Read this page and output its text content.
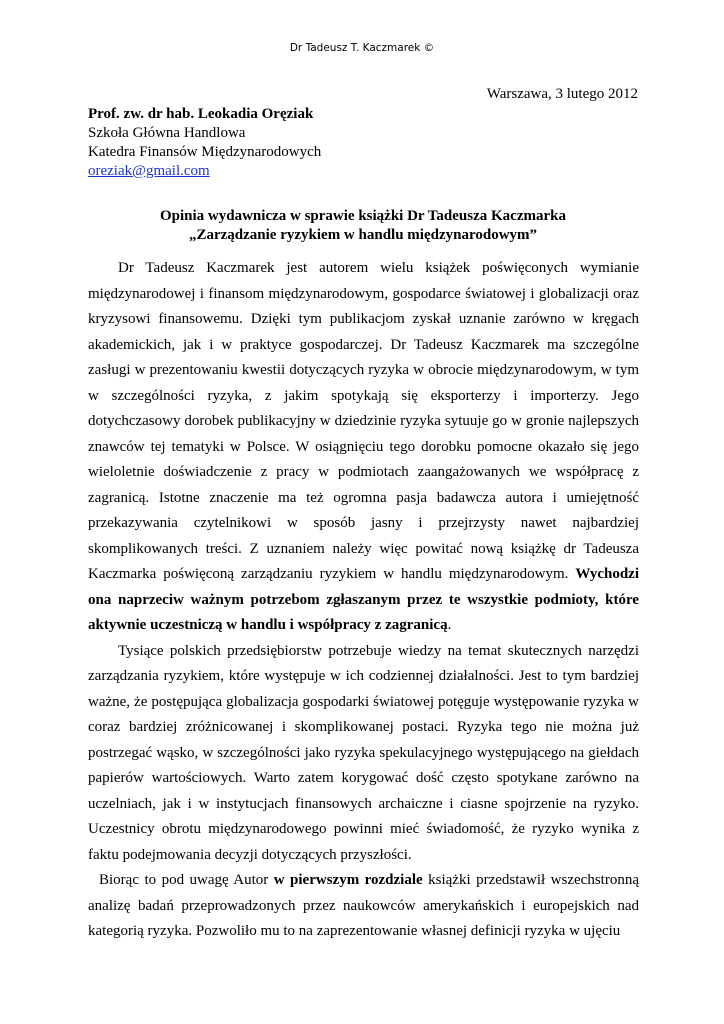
Dr Tadeusz T. Kaczmarek ©
Warszawa, 3 lutego 2012
Prof. zw. dr hab. Leokadia Oręziak
Szkoła Główna Handlowa
Katedra Finansów Międzynarodowych
oreziak@gmail.com
Opinia wydawnicza w sprawie książki Dr Tadeusza Kaczmarka
„Zarządzanie ryzykiem w handlu międzynarodowym”

Dr Tadeusz Kaczmarek jest autorem wielu książek poświęconych wymianie międzynarodowej i finansom międzynarodowym, gospodarce światowej i globalizacji oraz kryzysowi finansowemu. Dzięki tym publikacjom zyskał uznanie zarówno w kręgach akademickich, jak i w praktyce gospodarczej. Dr Tadeusz Kaczmarek ma szczególne zasługi w prezentowaniu kwestii dotyczących ryzyka w obrocie międzynarodowym, w tym w szczególności ryzyka, z jakim spotykają się eksporterzy i importerzy. Jego dotychczasowy dorobek publikacyjny w dziedzinie ryzyka sytuuje go w gronie najlepszych znawców tej tematyki w Polsce. W osiągnięciu tego dorobku pomocne okazało się jego wieloletnie doświadczenie z pracy w podmiotach zaangażowanych we współpracę z zagranicą. Istotne znaczenie ma też ogromna pasja badawcza autora i umiejętność przekazywania czytelnikowi w sposób jasny i przejrzysty nawet najbardziej skomplikowanych treści. Z uznaniem należy więc powitać nową książkę dr Tadeusza Kaczmarka poświęconą zarządzaniu ryzykiem w handlu międzynarodowym. Wychodzi ona naprzeciw ważnym potrzebom zgłaszanym przez te wszystkie podmioty, które aktywnie uczestniczą w handlu i współpracy z zagranicą.

Tysiące polskich przedsiębiorstw potrzebuje wiedzy na temat skutecznych narzędzi zarządzania ryzykiem, które występuje w ich codziennej działalności. Jest to tym bardziej ważne, że postępująca globalizacja gospodarki światowej potęguje występowanie ryzyka w coraz bardziej zróżnicowanej i skomplikowanej postaci. Ryzyka tego nie można już postrzegać wąsko, w szczególności jako ryzyka spekulacyjnego występującego na giełdach papierów wartościowych. Warto zatem korygować dość często spotykane zarówno na uczelniach, jak i w instytucjach finansowych archaiczne i ciasne spojrzenie na ryzyko. Uczestnicy obrotu międzynarodowego powinni mieć świadomość, że ryzyko wynika z faktu podejmowania decyzji dotyczących przyszłości.

Biorąc to pod uwagę Autor w pierwszym rozdziale książki przedstawił wszechstronną analizę badań przeprowadzonych przez naukowców amerykańskich i europejskich nad kategorią ryzyka. Pozwoliło mu to na zaprezentowanie własnej definicji ryzyka w ujęciu
